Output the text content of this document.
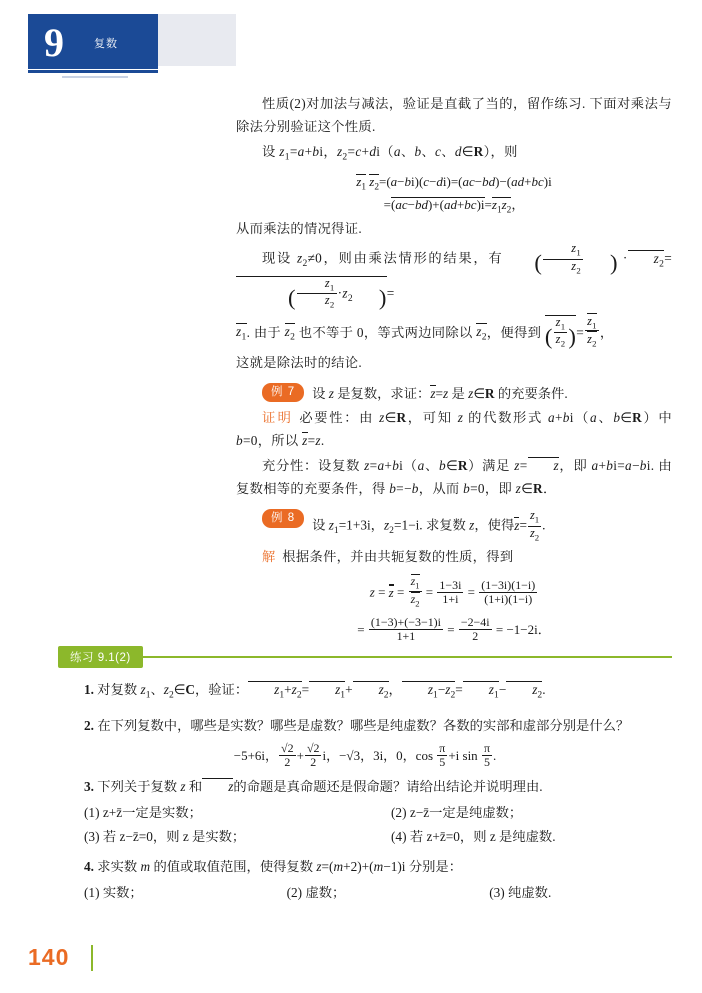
9	复数

性质(2)对加法与减法，验证是直截了当的，留作练习. 下面对乘法与除法分别验证这个性质.

设 $z_1=a+bi$，$z_2=c+di(a$、b、c、d∈R），则

$z_1$ $z_2=(a-bi)(c-di)=(ac-bd)-(ad+bc)i$
$=(ac-bd)+(ad+bc)i=z_1z_2$，

从而乘法的情况得证.

现设 $z_2\ne 0$，则由乘法情形的结果，有 ( $\frac{z_1}{z_2}$ ) · $z_2=( \frac{z_1}{z_2} \cdot z_2$ )=

$z_1$. 由于 $z_2$ 也不等于 0，等式两边同除以 $z_2$，便得到 ( $\frac{z_1}{z_2}$ )= $\frac{z_1}{z_2}$ ，

这就是除法时的结论.

例 7	设 z 是复数，求证：z=z 是 z∈R 的充要条件.

证明 必要性：由 z∈R，可知 z 的代数形式 a+bi（a、b∈R）中 b=0，所以 z=z.

充分性：设复数 z=a+bi（a、b∈R）满足 z= z，即 a+bi=a−bi. 由复数相等的充要条件，得 b=−b，从而 b=0，即 z∈R．

例 8	设 $z_1=1+3i$，$z_2=1-i$. 求复数 z，使得$z= \frac{z_1}{z_2}$ .

解 根据条件，并由共轭复数的性质，得到

$z = z = \frac{z_1}{z_2} = \frac{1-3i}{1+i} = \frac{(1-3i)(1-i)}{(1+i)(1-i)}$
= $\frac{(1-3)+(-3-1)i}{1+1} = \frac{-2-4i}{2} = -1-2i$．
练习 9.1(2)

1. 对复数 $z_1$、$z_2\in C$，验证： $z_1+z_2= z_1+ z_2$， $z_1-z_2= z_1- z_2$.

2. 在下列复数中，哪些是实数？哪些是虚数？哪些是纯虚数？各数的实部和虚部分别是什么？

−5+6i， $\frac{√2}{2} + \frac{√2}{2}$ i，−√3，3i，0，$\cos \frac{\pi}{5} +i$ $\sin \frac{\pi}{5}$ .

3. 下列关于复数 z 和 z的命题是真命题还是假命题？请给出结论并说明理由.

(1) z+z̄一定是实数；	(2) z−z̄一定是纯虚数；
(3) 若 z−z̄=0，则 z 是实数；	(4) 若 z+z̄=0，则 z 是纯虚数.

4. 求实数 m 的值或取值范围，使得复数 z=(m+2)+(m−1)i 分别是：

(1) 实数；	(2) 虚数；	(3) 纯虚数.
140
